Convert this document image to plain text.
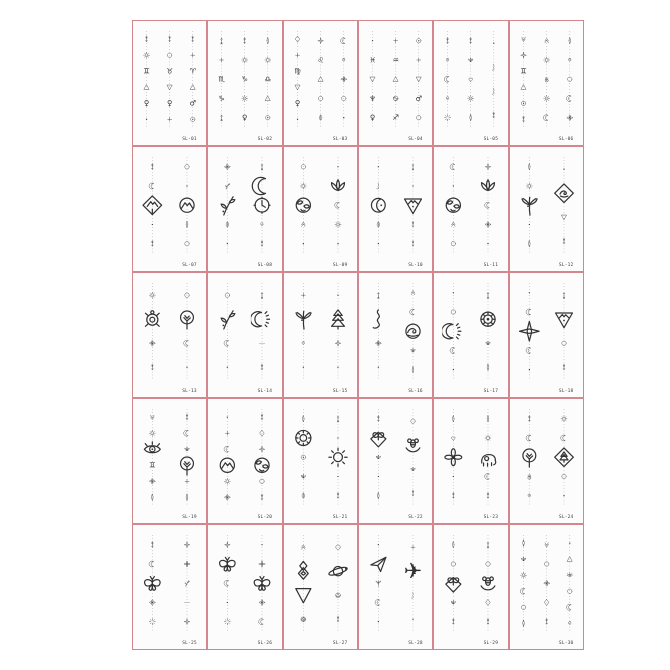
♊
♀
♉
♀
♈
♂
SL-01
♏
♑
♑
♀
♎
SL-02
♍
♀
♌
SL-03
♓
♆
♀
♒
♐
♂
SL-04	SL-05
♊
SL-06
SL-07	SL-08	SL-09	SL-10	SL-11	SL-12
SL-13	SL-14	SL-15	SL-16	SL-17	SL-18
♊
SL-19	SL-20	SL-21	SL-22	SL-23	SL-24
SL-25	SL-26	SL-27
✈
SL-28	SL-29	SL-30
